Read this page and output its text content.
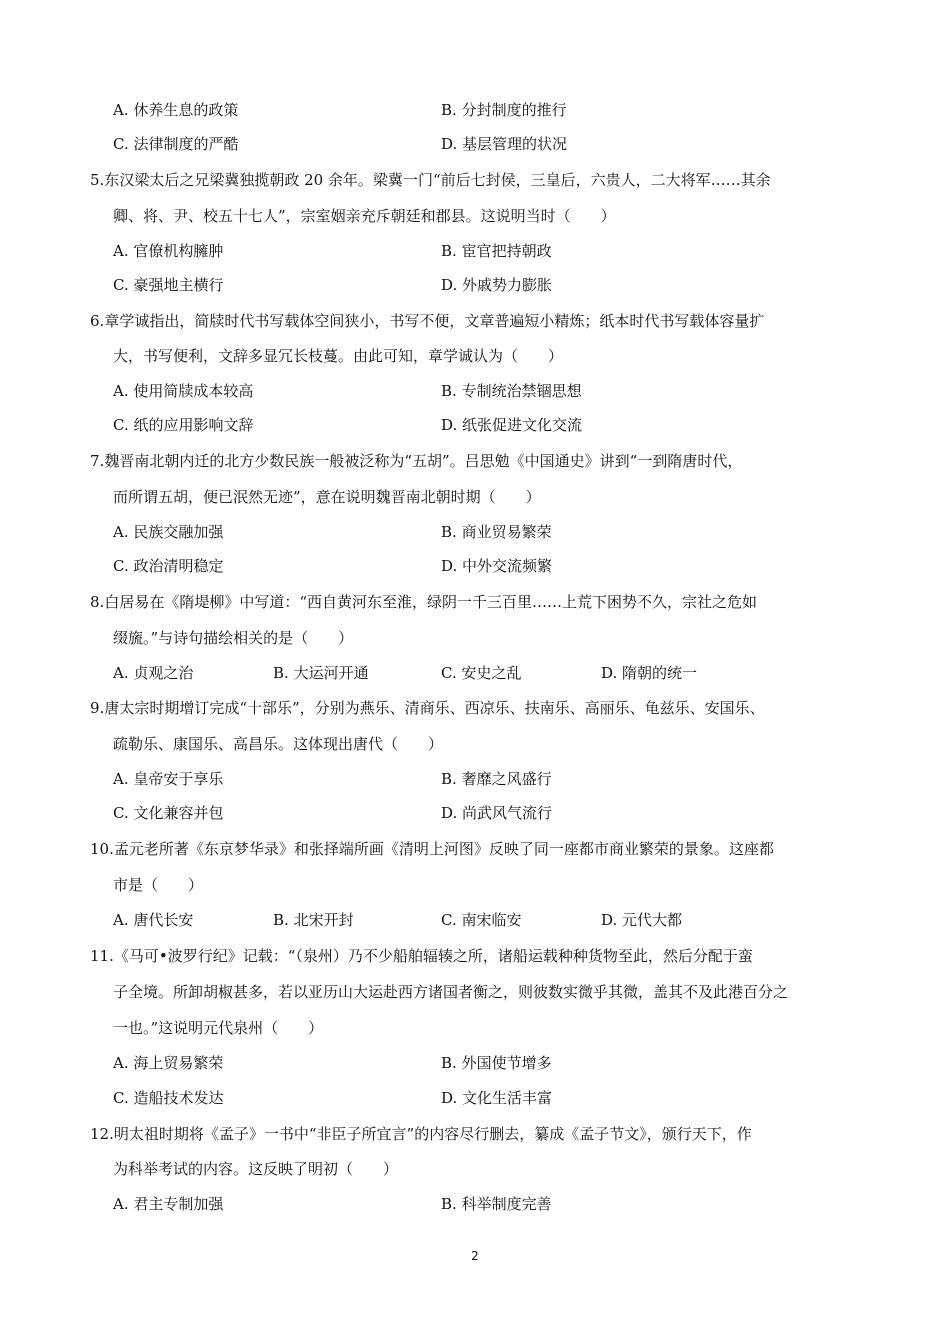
A. 休养生息的政策	B. 分封制度的推行
C. 法律制度的严酷	D. 基层管理的状况
5.东汉梁太后之兄梁冀独揽朝政 20 余年。梁冀一门“前后七封侯，三皇后，六贵人，二大将军……其余
卿、将、尹、校五十七人”，宗室姻亲充斥朝廷和郡县。这说明当时（　　）
A. 官僚机构臃肿	B. 宦官把持朝政
C. 豪强地主横行	D. 外戚势力膨胀
6.章学诚指出，简牍时代书写载体空间狭小，书写不便，文章普遍短小精炼；纸本时代书写载体容量扩
大，书写便利，文辞多显冗长枝蔓。由此可知，章学诚认为（　　）
A. 使用简牍成本较高	B. 专制统治禁锢思想
C. 纸的应用影响文辞	D. 纸张促进文化交流
7.魏晋南北朝内迁的北方少数民族一般被泛称为“五胡”。吕思勉《中国通史》讲到“一到隋唐时代，
而所谓五胡，便已泯然无迹”，意在说明魏晋南北朝时期（　　）
A. 民族交融加强	B. 商业贸易繁荣
C. 政治清明稳定	D. 中外交流频繁
8.白居易在《隋堤柳》中写道：“西自黄河东至淮，绿阴一千三百里……上荒下困势不久，宗社之危如
缀旒。”与诗句描绘相关的是（　　）
A. 贞观之治	B. 大运河开通	C. 安史之乱	D. 隋朝的统一
9.唐太宗时期增订完成“十部乐”，分别为燕乐、清商乐、西凉乐、扶南乐、高丽乐、龟兹乐、安国乐、
疏勒乐、康国乐、高昌乐。这体现出唐代（　　）
A. 皇帝安于享乐	B. 奢靡之风盛行
C. 文化兼容并包	D. 尚武风气流行
10.孟元老所著《东京梦华录》和张择端所画《清明上河图》反映了同一座都市商业繁荣的景象。这座都
市是（　　）
A. 唐代长安	B. 北宋开封	C. 南宋临安	D. 元代大都
11.《马可•波罗行纪》记载：“（泉州）乃不少船舶辐辏之所，诸船运载种种货物至此，然后分配于蛮
子全境。所卸胡椒甚多，若以亚历山大运赴西方诸国者衡之，则彼数实微乎其微，盖其不及此港百分之
一也。”这说明元代泉州（　　）
A. 海上贸易繁荣	B. 外国使节增多
C. 造船技术发达	D. 文化生活丰富
12.明太祖时期将《孟子》一书中“非臣子所宜言”的内容尽行删去，纂成《孟子节文》，颁行天下，作
为科举考试的内容。这反映了明初（　　）
A. 君主专制加强	B. 科举制度完善
2
